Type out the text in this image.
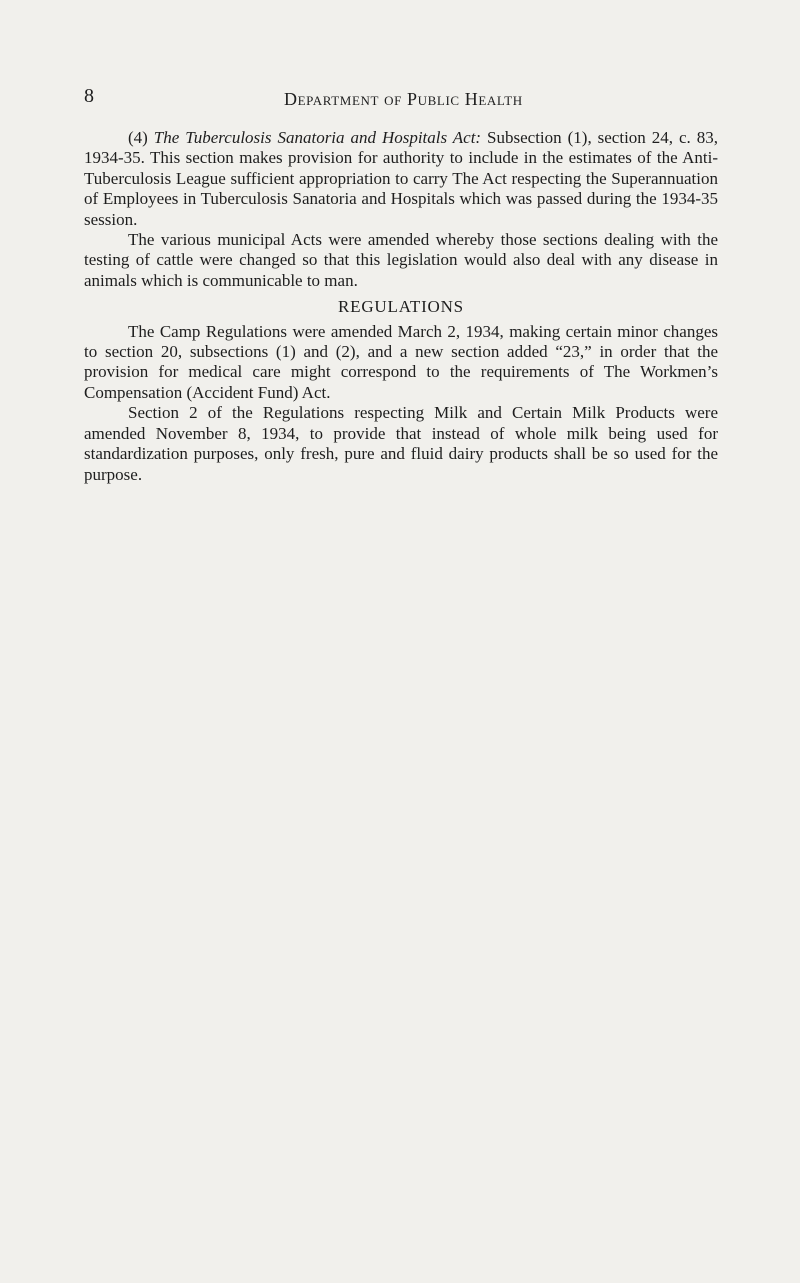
8	Department of Public Health

(4) The Tuberculosis Sanatoria and Hospitals Act: Subsection (1), section 24, c. 83, 1934-35. This section makes provision for authority to include in the estimates of the Anti-Tuberculosis League sufficient appropriation to carry The Act respecting the Superannuation of Employees in Tuberculosis Sanatoria and Hospitals which was passed during the 1934-35 session.

The various municipal Acts were amended whereby those sections dealing with the testing of cattle were changed so that this legislation would also deal with any disease in animals which is communicable to man.

REGULATIONS

The Camp Regulations were amended March 2, 1934, making certain minor changes to section 20, subsections (1) and (2), and a new section added “23,” in order that the provision for medical care might correspond to the requirements of The Workmen’s Compensation (Accident Fund) Act.

Section 2 of the Regulations respecting Milk and Certain Milk Products were amended November 8, 1934, to provide that instead of whole milk being used for standardization purposes, only fresh, pure and fluid dairy products shall be so used for the purpose.
